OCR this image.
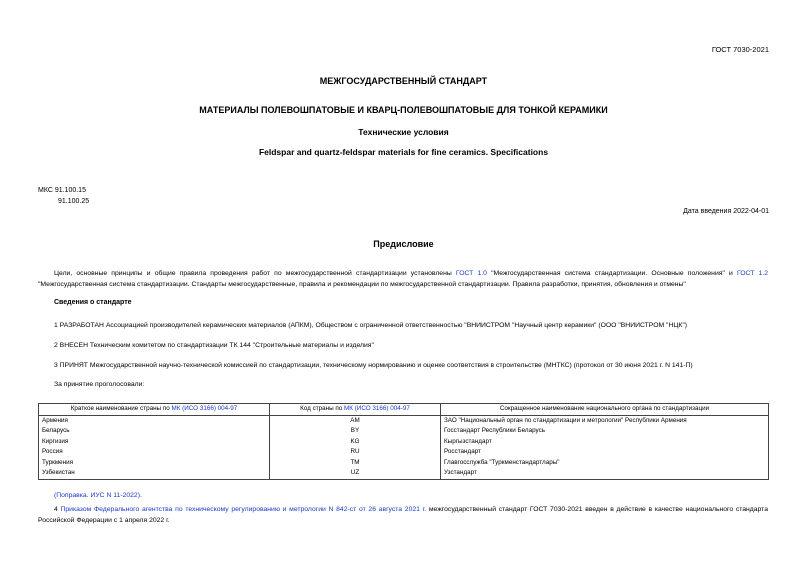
ГОСТ 7030-2021
МЕЖГОСУДАРСТВЕННЫЙ СТАНДАРТ
МАТЕРИАЛЫ ПОЛЕВОШПАТОВЫЕ И КВАРЦ-ПОЛЕВОШПАТОВЫЕ ДЛЯ ТОНКОЙ КЕРАМИКИ
Технические условия
Feldspar and quartz-feldspar materials for fine ceramics. Specifications
МКС 91.100.15
91.100.25
Дата введения 2022-04-01
Предисловие
Цели, основные принципы и общие правила проведения работ по межгосударственной стандартизации установлены ГОСТ 1.0 "Межгосударственная система стандартизации. Основные положения" и ГОСТ 1.2 "Межгосударственная система стандартизации. Стандарты межгосударственные, правила и рекомендации по межгосударственной стандартизации. Правила разработки, принятия, обновления и отмены"
Сведения о стандарте
1 РАЗРАБОТАН Ассоциацией производителей керамических материалов (АПКМ), Обществом с ограниченной ответственностью "ВНИИСТРОМ "Научный центр керамики" (ООО "ВНИИСТРОМ "НЦК")
2 ВНЕСЕН Техническим комитетом по стандартизации ТК 144 "Строительные материалы и изделия"
3 ПРИНЯТ Межгосударственной научно-технической комиссией по стандартизации, техническому нормированию и оценке соответствия в строительстве (МНТКС) (протокол от 30 июня 2021 г. N 141-П)
За принятие проголосовали:
Краткое наименование страны по МК (ИСО 3166) 004-97	Код страны по МК (ИСО 3166) 004-97	Сокращенное наименование национального органа по стандартизации
Армения	AM	ЗАО "Национальный орган по стандартизации и метрологии" Республики Армения
Беларусь	BY	Госстандарт Республики Беларусь
Киргизия	KG	Кыргызстандарт
Россия	RU	Росстандарт
Туркмения	TM	Главгосслужба "Туркменстандартлары"
Узбекистан	UZ	Узстандарт
(Поправка. ИУС N 11-2022).
4 Приказом Федерального агентства по техническому регулированию и метрологии N 842-ст от 26 августа 2021 г. межгосударственный стандарт ГОСТ 7030-2021 введен в действие в качестве национального стандарта Российской Федерации с 1 апреля 2022 г.
